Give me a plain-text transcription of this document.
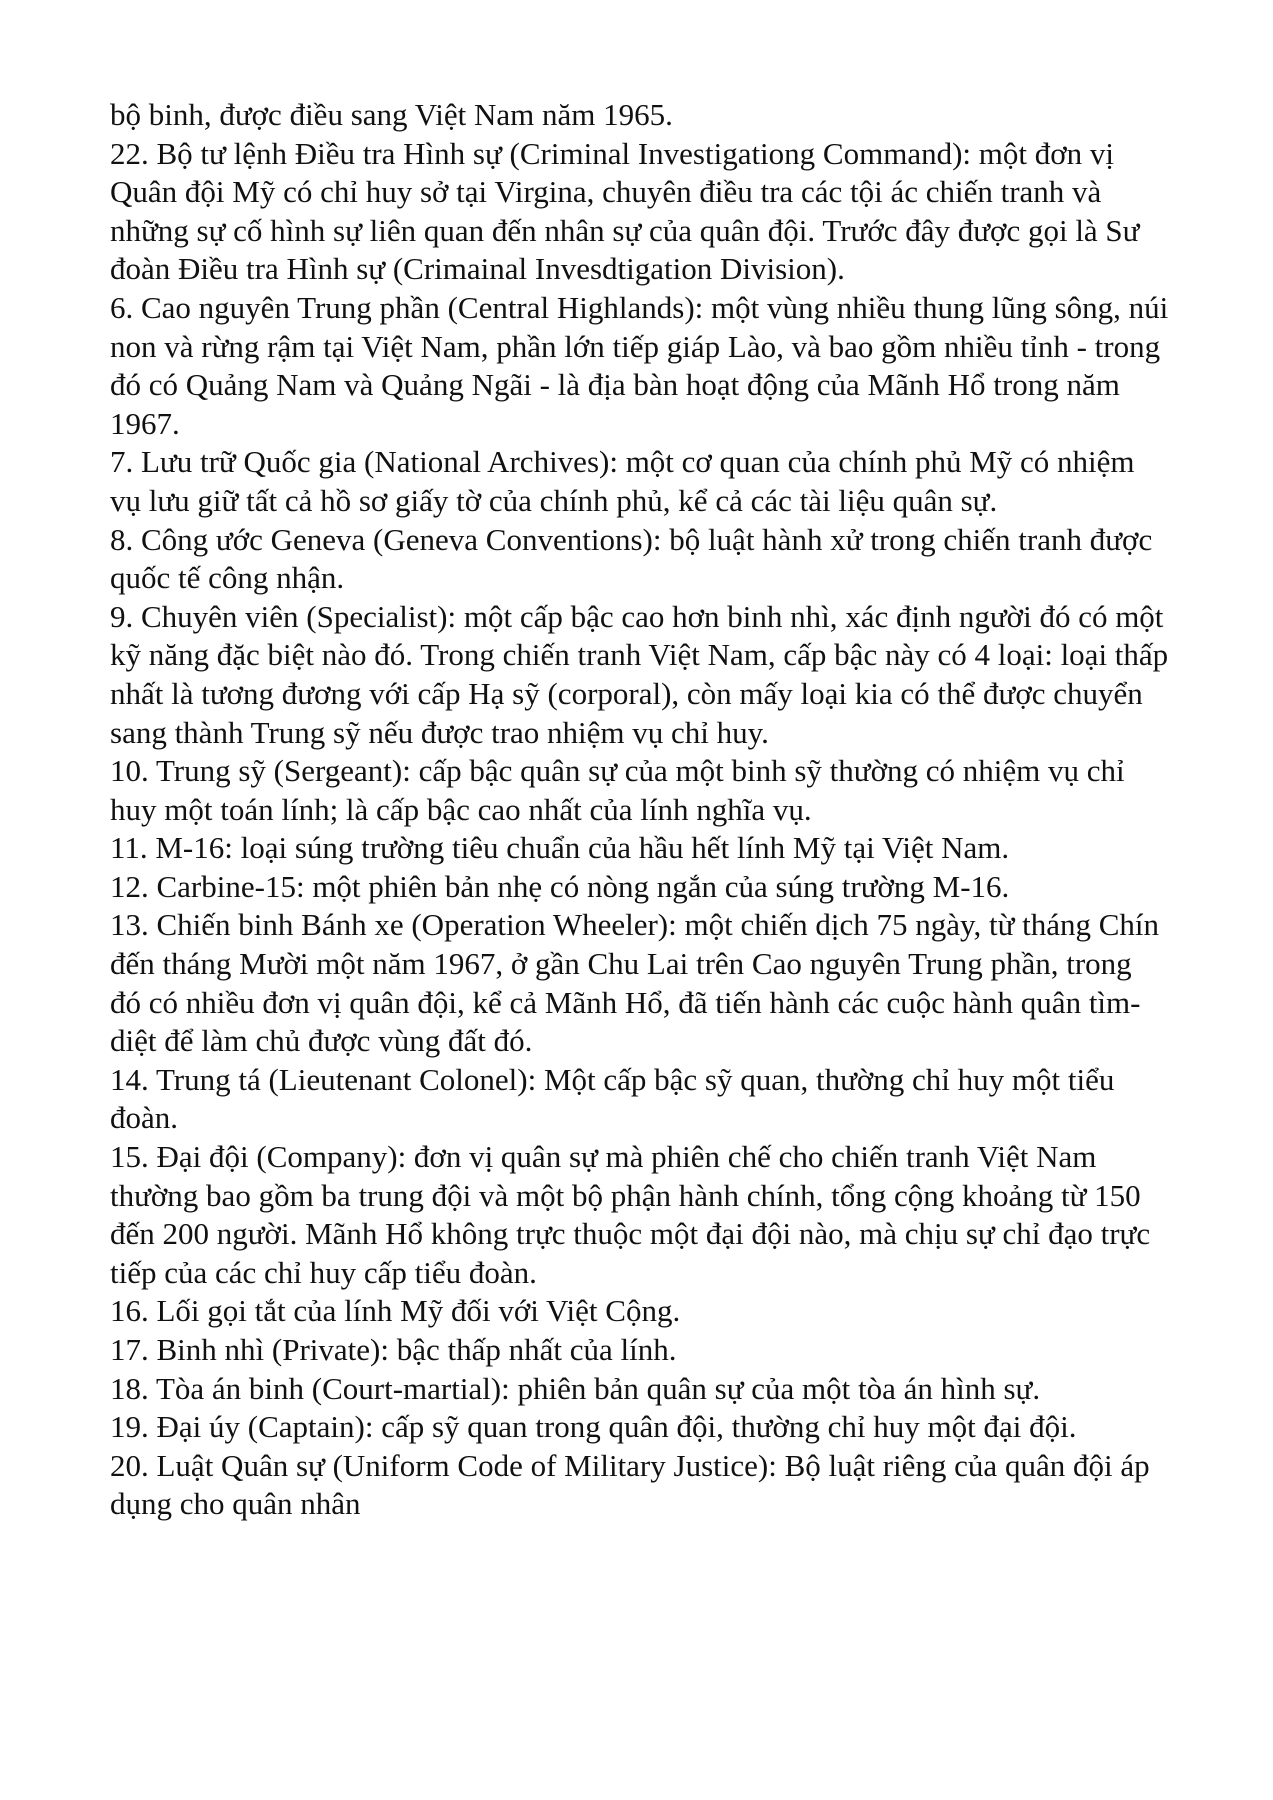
bộ binh, được điều sang Việt Nam năm 1965.

22. Bộ tư lệnh Điều tra Hình sự (Criminal Investigationg Command): một đơn vị Quân đội Mỹ có chỉ huy sở tại Virgina, chuyên điều tra các tội ác chiến tranh và những sự cố hình sự liên quan đến nhân sự của quân đội. Trước đây được gọi là Sư đoàn Điều tra Hình sự (Crimainal Invesdtigation Division).

6. Cao nguyên Trung phần (Central Highlands): một vùng nhiều thung lũng sông, núi non và rừng rậm tại Việt Nam, phần lớn tiếp giáp Lào, và bao gồm nhiều tỉnh - trong đó có Quảng Nam và Quảng Ngãi - là địa bàn hoạt động của Mãnh Hổ trong năm 1967.

7. Lưu trữ Quốc gia (National Archives): một cơ quan của chính phủ Mỹ có nhiệm vụ lưu giữ tất cả hồ sơ giấy tờ của chính phủ, kể cả các tài liệu quân sự.

8. Công ước Geneva (Geneva Conventions): bộ luật hành xử trong chiến tranh được quốc tế công nhận.

9. Chuyên viên (Specialist): một cấp bậc cao hơn binh nhì, xác định người đó có một kỹ năng đặc biệt nào đó. Trong chiến tranh Việt Nam, cấp bậc này có 4 loại: loại thấp nhất là tương đương với cấp Hạ sỹ (corporal), còn mấy loại kia có thể được chuyển sang thành Trung sỹ nếu được trao nhiệm vụ chỉ huy.

10. Trung sỹ (Sergeant): cấp bậc quân sự của một binh sỹ thường có nhiệm vụ chỉ huy một toán lính; là cấp bậc cao nhất của lính nghĩa vụ.

11. M-16: loại súng trường tiêu chuẩn của hầu hết lính Mỹ tại Việt Nam.

12. Carbine-15: một phiên bản nhẹ có nòng ngắn của súng trường M-16.

13. Chiến binh Bánh xe (Operation Wheeler): một chiến dịch 75 ngày, từ tháng Chín đến tháng Mười một năm 1967, ở gần Chu Lai trên Cao nguyên Trung phần, trong đó có nhiều đơn vị quân đội, kể cả Mãnh Hổ, đã tiến hành các cuộc hành quân tìm-diệt để làm chủ được vùng đất đó.

14. Trung tá (Lieutenant Colonel): Một cấp bậc sỹ quan, thường chỉ huy một tiểu đoàn.

15. Đại đội (Company): đơn vị quân sự mà phiên chế cho chiến tranh Việt Nam thường bao gồm ba trung đội và một bộ phận hành chính, tổng cộng khoảng từ 150 đến 200 người. Mãnh Hổ không trực thuộc một đại đội nào, mà chịu sự chỉ đạo trực tiếp của các chỉ huy cấp tiểu đoàn.

16. Lối gọi tắt của lính Mỹ đối với Việt Cộng.

17. Binh nhì (Private): bậc thấp nhất của lính.

18. Tòa án binh (Court-martial): phiên bản quân sự của một tòa án hình sự.

19. Đại úy (Captain): cấp sỹ quan trong quân đội, thường chỉ huy một đại đội.

20. Luật Quân sự (Uniform Code of Military Justice): Bộ luật riêng của quân đội áp dụng cho quân nhân
